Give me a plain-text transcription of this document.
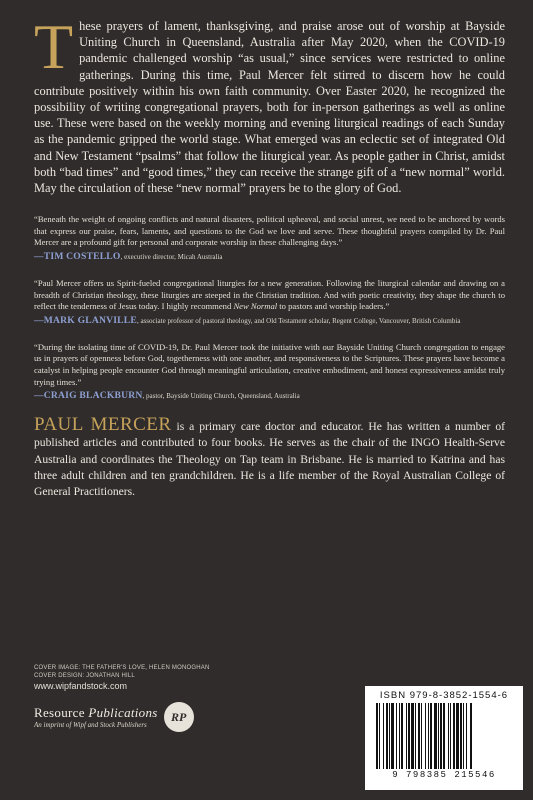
These prayers of lament, thanksgiving, and praise arose out of worship at Bayside Uniting Church in Queensland, Australia after May 2020, when the COVID-19 pandemic challenged worship “as usual,” since services were restricted to online gatherings. During this time, Paul Mercer felt stirred to discern how he could contribute positively within his own faith community. Over Easter 2020, he recognized the possibility of writing congregational prayers, both for in-person gatherings as well as online use. These were based on the weekly morning and evening liturgical readings of each Sunday as the pandemic gripped the world stage. What emerged was an eclectic set of integrated Old and New Testament “psalms” that follow the liturgical year. As people gather in Christ, amidst both “bad times” and “good times,” they can receive the strange gift of a “new normal” world. May the circulation of these “new normal” prayers be to the glory of God.

“Beneath the weight of ongoing conflicts and natural disasters, political upheaval, and social unrest, we need to be anchored by words that express our praise, fears, laments, and questions to the God we love and serve. These thoughtful prayers compiled by Dr. Paul Mercer are a profound gift for personal and corporate worship in these challenging days.”

—TIM COSTELLO, executive director, Micah Australia

“Paul Mercer offers us Spirit-fueled congregational liturgies for a new generation. Following the liturgical calendar and drawing on a breadth of Christian theology, these liturgies are steeped in the Christian tradition. And with poetic creativity, they shape the church to reflect the tenderness of Jesus today. I highly recommend New Normal to pastors and worship leaders.”

—MARK GLANVILLE, associate professor of pastoral theology, and Old Testament scholar, Regent College, Vancouver, British Columbia

“During the isolating time of COVID-19, Dr. Paul Mercer took the initiative with our Bayside Uniting Church congregation to engage us in prayers of openness before God, togetherness with one another, and responsiveness to the Scriptures. These prayers have become a catalyst in helping people encounter God through meaningful articulation, creative embodiment, and honest expressiveness amidst truly trying times.”

—CRAIG BLACKBURN, pastor, Bayside Uniting Church, Queensland, Australia
PAUL MERCER is a primary care doctor and educator. He has written a number of published articles and contributed to four books. He serves as the chair of the INGO Health-Serve Australia and coordinates the Theology on Tap team in Brisbane. He is married to Katrina and has three adult children and ten grandchildren. He is a life member of the Royal Australian College of General Practitioners.
COVER IMAGE: THE FATHER'S LOVE, HELEN MONOGHAN
COVER DESIGN: JONATHAN HILL
www.wipfandstock.com
Resource Publications
An imprint of Wipf and Stock Publishers
RP
ISBN 979-8-3852-1554-6
9 798385 215546
